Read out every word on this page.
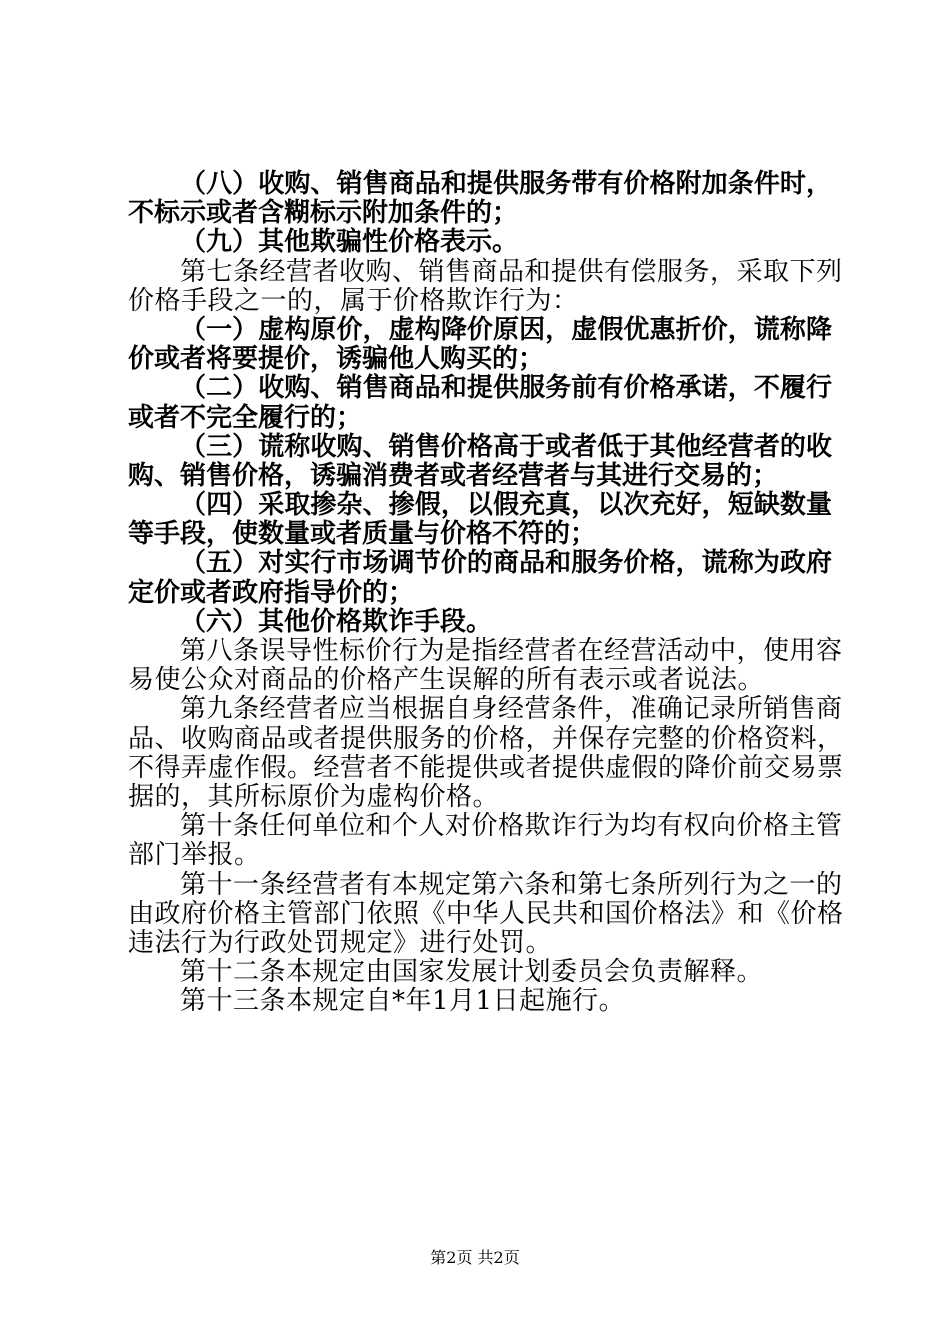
（八）收购、销售商品和提供服务带有价格附加条件时，
不标示或者含糊标示附加条件的；
（九）其他欺骗性价格表示。
第七条经营者收购、销售商品和提供有偿服务，采取下列
价格手段之一的，属于价格欺诈行为：
（一）虚构原价，虚构降价原因，虚假优惠折价，谎称降
价或者将要提价，诱骗他人购买的；
（二）收购、销售商品和提供服务前有价格承诺，不履行
或者不完全履行的；
（三）谎称收购、销售价格高于或者低于其他经营者的收
购、销售价格，诱骗消费者或者经营者与其进行交易的；
（四）采取掺杂、掺假，以假充真，以次充好，短缺数量
等手段，使数量或者质量与价格不符的；
（五）对实行市场调节价的商品和服务价格，谎称为政府
定价或者政府指导价的；
（六）其他价格欺诈手段。
第八条误导性标价行为是指经营者在经营活动中，使用容
易使公众对商品的价格产生误解的所有表示或者说法。
第九条经营者应当根据自身经营条件，准确记录所销售商
品、收购商品或者提供服务的价格，并保存完整的价格资料，
不得弄虚作假。经营者不能提供或者提供虚假的降价前交易票
据的，其所标原价为虚构价格。
第十条任何单位和个人对价格欺诈行为均有权向价格主管
部门举报。
第十一条经营者有本规定第六条和第七条所列行为之一的
由政府价格主管部门依照《中华人民共和国价格法》和《价格
违法行为行政处罚规定》进行处罚。
第十二条本规定由国家发展计划委员会负责解释。
第十三条本规定自*年1月1日起施行。
第2页 共2页
